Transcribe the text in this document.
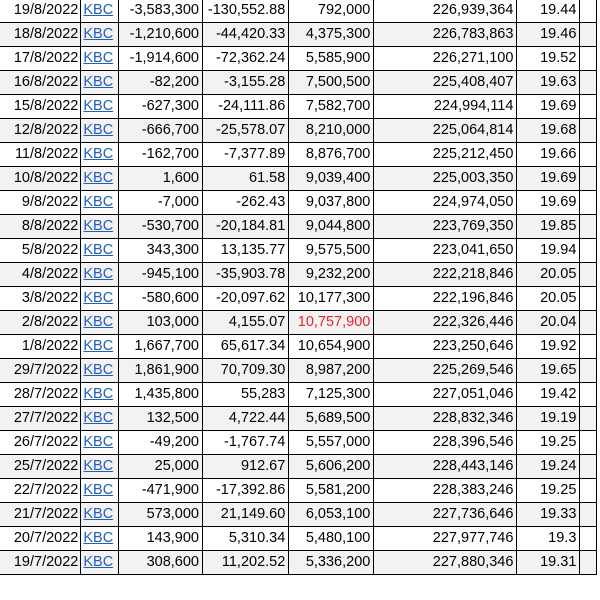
19/8/2022	KBC	-3,583,300	-130,552.88	792,000	226,939,364	19.44	
18/8/2022	KBC	-1,210,600	-44,420.33	4,375,300	226,783,863	19.46	
17/8/2022	KBC	-1,914,600	-72,362.24	5,585,900	226,271,100	19.52	
16/8/2022	KBC	-82,200	-3,155.28	7,500,500	225,408,407	19.63	
15/8/2022	KBC	-627,300	-24,111.86	7,582,700	224,994,114	19.69	
12/8/2022	KBC	-666,700	-25,578.07	8,210,000	225,064,814	19.68	
11/8/2022	KBC	-162,700	-7,377.89	8,876,700	225,212,450	19.66	
10/8/2022	KBC	1,600	61.58	9,039,400	225,003,350	19.69	
9/8/2022	KBC	-7,000	-262.43	9,037,800	224,974,050	19.69	
8/8/2022	KBC	-530,700	-20,184.81	9,044,800	223,769,350	19.85	
5/8/2022	KBC	343,300	13,135.77	9,575,500	223,041,650	19.94	
4/8/2022	KBC	-945,100	-35,903.78	9,232,200	222,218,846	20.05	
3/8/2022	KBC	-580,600	-20,097.62	10,177,300	222,196,846	20.05	
2/8/2022	KBC	103,000	4,155.07	10,757,900	222,326,446	20.04	
1/8/2022	KBC	1,667,700	65,617.34	10,654,900	223,250,646	19.92	
29/7/2022	KBC	1,861,900	70,709.30	8,987,200	225,269,546	19.65	
28/7/2022	KBC	1,435,800	55,283	7,125,300	227,051,046	19.42	
27/7/2022	KBC	132,500	4,722.44	5,689,500	228,832,346	19.19	
26/7/2022	KBC	-49,200	-1,767.74	5,557,000	228,396,546	19.25	
25/7/2022	KBC	25,000	912.67	5,606,200	228,443,146	19.24	
22/7/2022	KBC	-471,900	-17,392.86	5,581,200	228,383,246	19.25	
21/7/2022	KBC	573,000	21,149.60	6,053,100	227,736,646	19.33	
20/7/2022	KBC	143,900	5,310.34	5,480,100	227,977,746	19.3	
19/7/2022	KBC	308,600	11,202.52	5,336,200	227,880,346	19.31	
